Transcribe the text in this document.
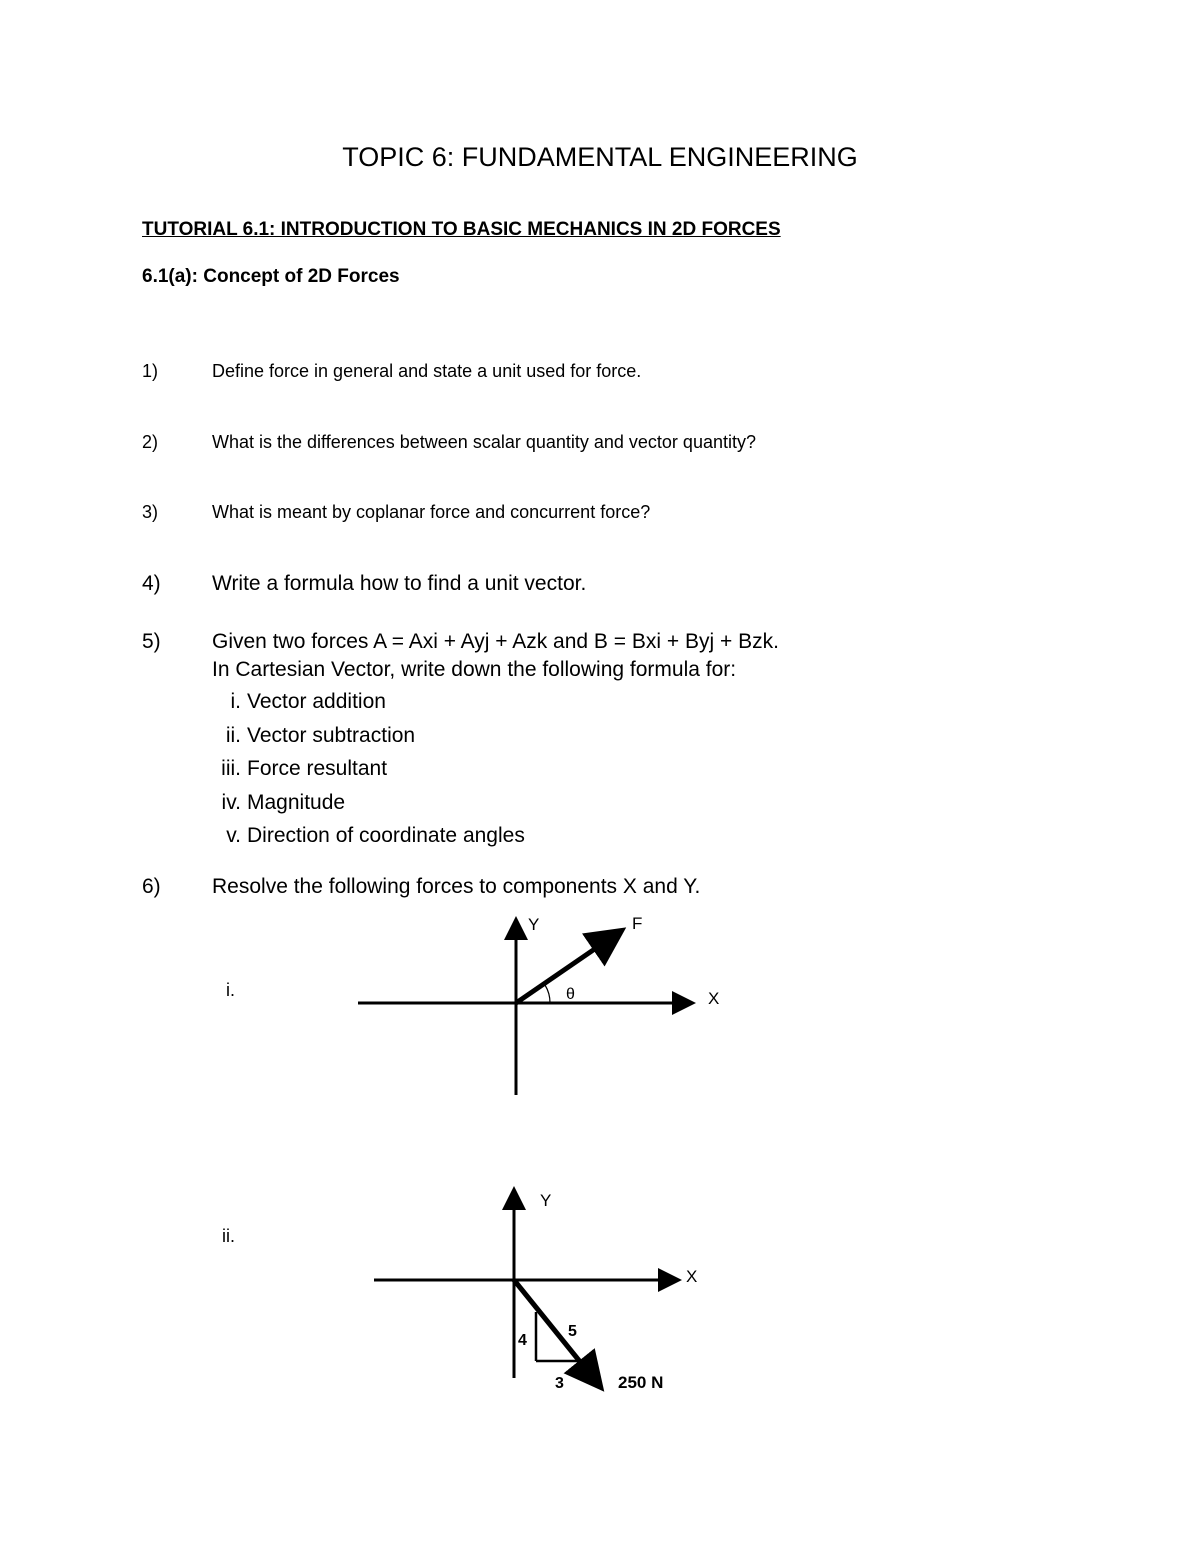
TOPIC 6: FUNDAMENTAL ENGINEERING
TUTORIAL 6.1: INTRODUCTION TO BASIC MECHANICS IN 2D FORCES
6.1(a): Concept of 2D Forces
1)	Define force in general and state a unit used for force.
2)	What is the differences between scalar quantity and vector quantity?
3)	What is meant by coplanar force and concurrent force?
4) Write a formula how to find a unit vector.
5) Given two forces A = Axi + Ayj + Azk and B = Bxi + Byj + Bzk.
In Cartesian Vector, write down the following formula for:
i. Vector addition
ii. Vector subtraction
iii. Force resultant
iv. Magnitude
v. Direction of coordinate angles
6) Resolve the following forces to components X and Y.
i.
ii.
Y	F
θ	X
Y
X
4
5
3	250 N
